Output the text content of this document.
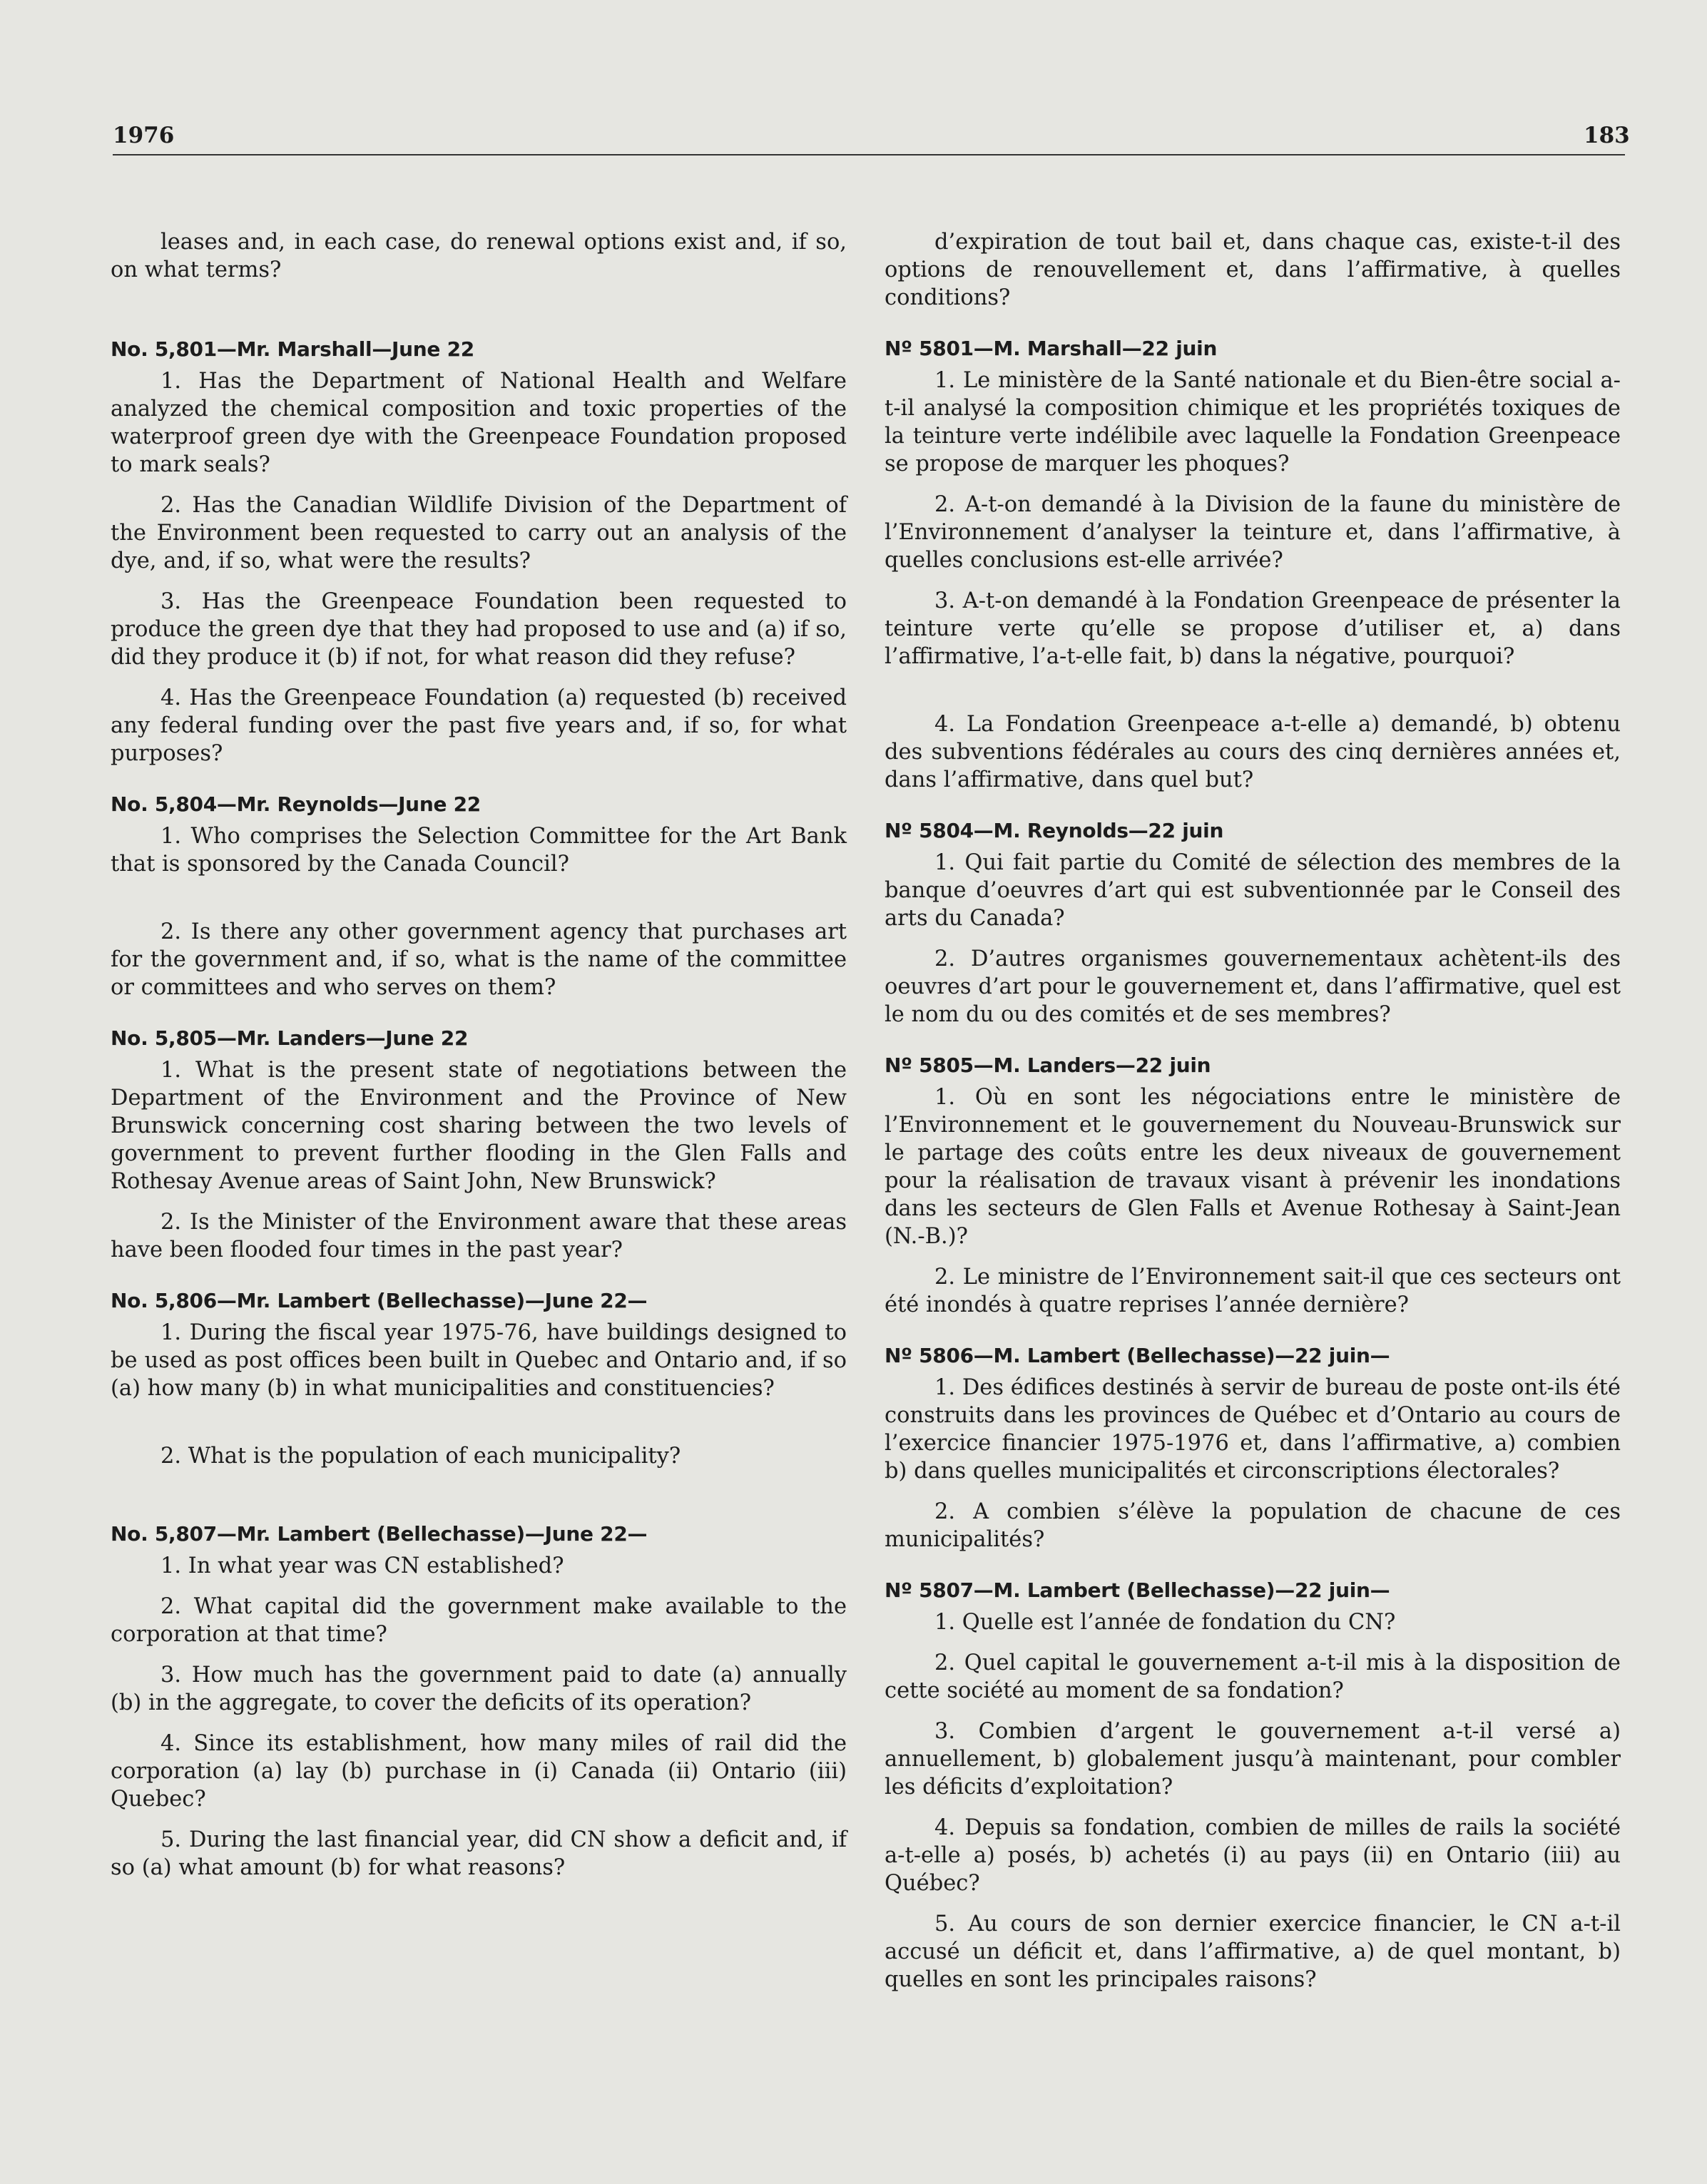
1976	183

leases and, in each case, do renewal options exist and, if so, on what terms?

No. 5,801—Mr. Marshall—June 22

1. Has the Department of National Health and Welfare analyzed the chemical composition and toxic properties of the waterproof green dye with the Greenpeace Foundation proposed to mark seals?

2. Has the Canadian Wildlife Division of the Department of the Environment been requested to carry out an analysis of the dye, and, if so, what were the results?

3. Has the Greenpeace Foundation been requested to produce the green dye that they had proposed to use and (a) if so, did they produce it (b) if not, for what reason did they refuse?

4. Has the Greenpeace Foundation (a) requested (b) received any federal funding over the past five years and, if so, for what purposes?

No. 5,804—Mr. Reynolds—June 22

1. Who comprises the Selection Committee for the Art Bank that is sponsored by the Canada Council?

2. Is there any other government agency that purchases art for the government and, if so, what is the name of the committee or committees and who serves on them?

No. 5,805—Mr. Landers—June 22

1. What is the present state of negotiations between the Department of the Environment and the Province of New Brunswick concerning cost sharing between the two levels of government to prevent further flooding in the Glen Falls and Rothesay Avenue areas of Saint John, New Brunswick?

2. Is the Minister of the Environment aware that these areas have been flooded four times in the past year?

No. 5,806—Mr. Lambert (Bellechasse)—June 22—

1. During the fiscal year 1975-76, have buildings designed to be used as post offices been built in Quebec and Ontario and, if so (a) how many (b) in what municipalities and constituencies?

2. What is the population of each municipality?

No. 5,807—Mr. Lambert (Bellechasse)—June 22—

1. In what year was CN established?

2. What capital did the government make available to the corporation at that time?

3. How much has the government paid to date (a) annually (b) in the aggregate, to cover the deficits of its operation?

4. Since its establishment, how many miles of rail did the corporation (a) lay (b) purchase in (i) Canada (ii) Ontario (iii) Quebec?

5. During the last financial year, did CN show a deficit and, if so (a) what amount (b) for what reasons?

d’expiration de tout bail et, dans chaque cas, existe-t-il des options de renouvellement et, dans l’affirmative, à quelles conditions?

Nº 5801—M. Marshall—22 juin

1. Le ministère de la Santé nationale et du Bien-être social a-t-il analysé la composition chimique et les propriétés toxiques de la teinture verte indélibile avec laquelle la Fondation Greenpeace se propose de marquer les phoques?

2. A-t-on demandé à la Division de la faune du ministère de l’Environnement d’analyser la teinture et, dans l’affirmative, à quelles conclusions est-elle arrivée?

3. A-t-on demandé à la Fondation Greenpeace de présenter la teinture verte qu’elle se propose d’utiliser et, a) dans l’affirmative, l’a-t-elle fait, b) dans la négative, pourquoi?

4. La Fondation Greenpeace a-t-elle a) demandé, b) obtenu des subventions fédérales au cours des cinq dernières années et, dans l’affirmative, dans quel but?

Nº 5804—M. Reynolds—22 juin

1. Qui fait partie du Comité de sélection des membres de la banque d’oeuvres d’art qui est subventionnée par le Conseil des arts du Canada?

2. D’autres organismes gouvernementaux achètent-ils des oeuvres d’art pour le gouvernement et, dans l’affirmative, quel est le nom du ou des comités et de ses membres?

Nº 5805—M. Landers—22 juin

1. Où en sont les négociations entre le ministère de l’Environnement et le gouvernement du Nouveau-Brunswick sur le partage des coûts entre les deux niveaux de gouvernement pour la réalisation de travaux visant à prévenir les inondations dans les secteurs de Glen Falls et Avenue Rothesay à Saint-Jean (N.-B.)?

2. Le ministre de l’Environnement sait-il que ces secteurs ont été inondés à quatre reprises l’année dernière?

Nº 5806—M. Lambert (Bellechasse)—22 juin—

1. Des édifices destinés à servir de bureau de poste ont-ils été construits dans les provinces de Québec et d’Ontario au cours de l’exercice financier 1975-1976 et, dans l’affirmative, a) combien b) dans quelles municipalités et circonscriptions électorales?

2. A combien s’élève la population de chacune de ces municipalités?

Nº 5807—M. Lambert (Bellechasse)—22 juin—

1. Quelle est l’année de fondation du CN?

2. Quel capital le gouvernement a-t-il mis à la disposition de cette société au moment de sa fondation?

3. Combien d’argent le gouvernement a-t-il versé a) annuellement, b) globalement jusqu’à maintenant, pour combler les déficits d’exploitation?

4. Depuis sa fondation, combien de milles de rails la société a-t-elle a) posés, b) achetés (i) au pays (ii) en Ontario (iii) au Québec?

5. Au cours de son dernier exercice financier, le CN a-t-il accusé un déficit et, dans l’affirmative, a) de quel montant, b) quelles en sont les principales raisons?
